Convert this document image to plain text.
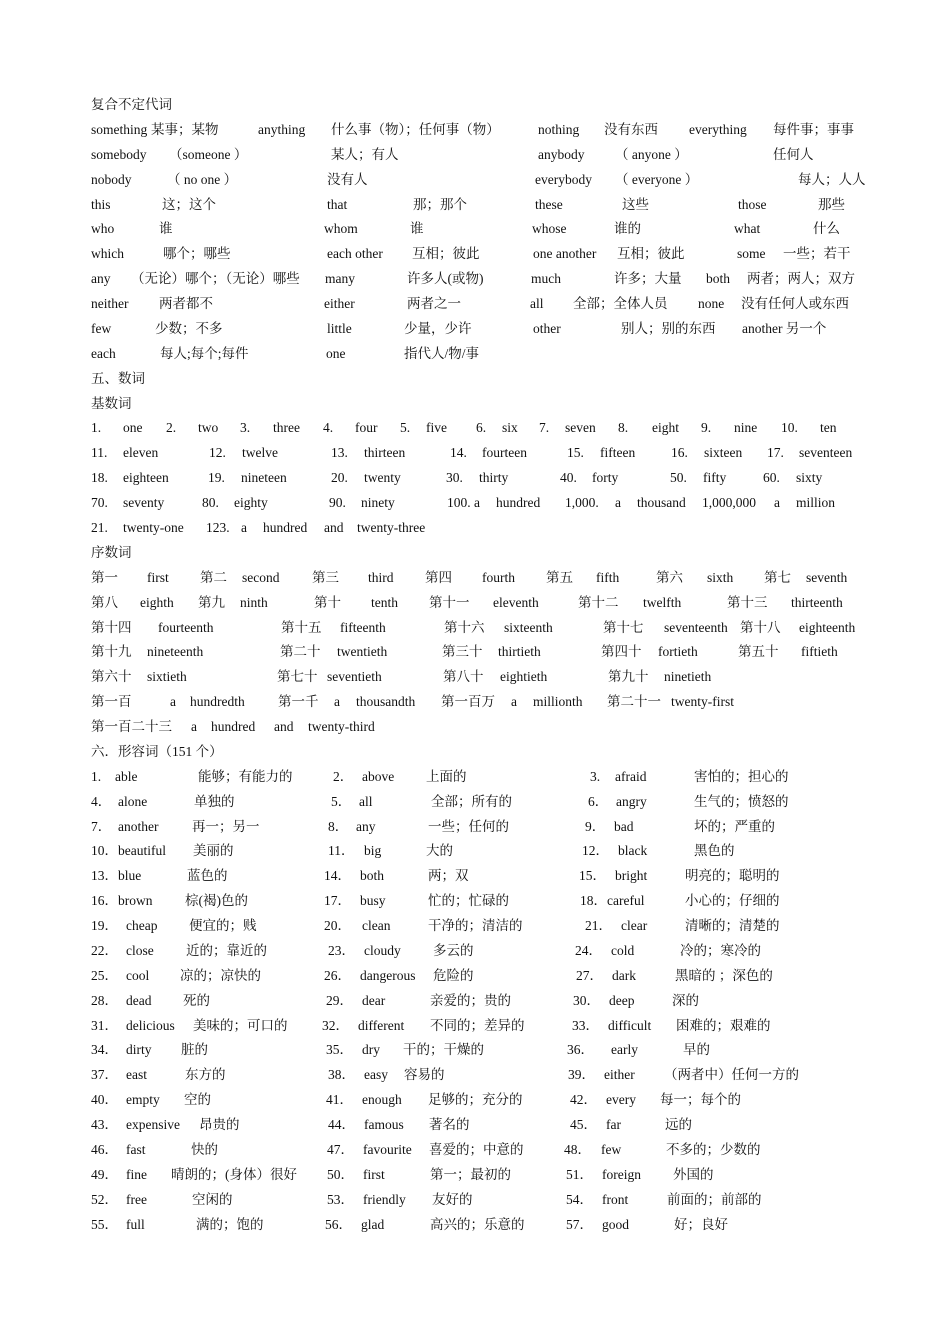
复合不定代词
something 某事；某物	anything 什么事（物）；任何事（物）	nothing 没有东西 everything 每件事；事事
somebody （someone ）	某人；有人	anybody （ anyone ）	任何人
nobody	（ no one ）	没有人	everybody （ everyone ）	每人；人人
this	这；这个	that	那；那个	these	这些	those	那些
who	谁	whom	谁	whose	谁的	what	什么
which	哪个；哪些	each other 互相；彼此	one another 互相；彼此	some 一些；若干
any （无论）哪个；（无论）哪些 many	许多人(或物)	much	许多；大量 both 两者；两人；双方
neither 两者都不	either	两者之一	all 全部；全体人员 none 没有任何人或东西
few	少数；不多	little	少量，少许	other	别人；别的东西 another 另一个
each	每人;每个;每件	one	指代人/物/事
五、数词
基数词
1. one 2. two 3. three 4. four 5. five 6. six 7. seven 8. eight 9. nine 10. ten
11. eleven	12. twelve	13. thirteen	14. fourteen	15. fifteen	16. sixteen 17. seventeen
18. eighteen	19. nineteen	20. twenty	30. thirty	40. forty	50. fifty	60. sixty
70. seventy	80. eighty	90. ninety	100. a hundred 1,000. a thousand 1,000,000 a million
21. twenty-one 123. a hundred and twenty-three
序数词
第一 first 第二 second 第三 third 第四 fourth 第五 fifth	第六 sixth 第七 seventh
第八 eighth 第九 ninth	第十 tenth 第十一 eleventh	第十二 twelfth	第十三 thirteenth
第十四 fourteenth	第十五 fifteenth	第十六 sixteenth	第十七 seventeenth 第十八 eighteenth
第十九 nineteenth	第二十 twentieth	第三十 thirtieth	第四十 fortieth	第五十 fiftieth
第六十 sixtieth	第七十 seventieth	第八十 eightieth	第九十 ninetieth
第一百	a hundredth 第一千 a thousandth 第一百万 a millionth 第二十一 twenty-first
第一百二十三 a hundred and twenty-third
六．形容词（151 个）
1. able	能够；有能力的	2． above 上面的	3. afraid	害怕的；担心的
4． alone	单独的	5． all	全部；所有的	6． angry	生气的；愤怒的
7． another 再一；另一	8． any	一些；任何的	9． bad	坏的；严重的
10．beautiful 美丽的	11． big	大的	12． black	黑色的
13．blue	蓝色的	14． both	两；双	15． bright	明亮的；聪明的
16．brown 棕(褐)色的	17． busy	忙的；忙碌的	18．careful	小心的；仔细的
19． cheap 便宜的；贱	20． clean	干净的；清洁的	21． clear	清晰的；清楚的
22． close 近的；靠近的	23． cloudy 多云的	24． cold	冷的；寒冷的
25． cool 凉的；凉快的	26． dangerous 危险的	27． dark	黑暗的 ；深色的
28． dead 死的	29． dear	亲爱的；贵的	30． deep	深的
31． delicious 美味的；可口的	32． different 不同的；差异的	33． difficult 困难的；艰难的
34． dirty 脏的	35． dry 干的；干燥的	36． early	早的
37． east	东方的	38． easy 容易的	39． either （两者中）任何一方的
40． empty 空的	41． enough 足够的；充分的	42． every 每一；每个的
43． expensive 昂贵的	44． famous 著名的	45． far	远的
46． fast	快的	47． favourite 喜爱的；中意的	48． few	不多的；少数的
49． fine 晴朗的；(身体）很好 50． first	第一；最初的	51． foreign 外国的
52． free	空闲的	53． friendly 友好的	54． front	前面的；前部的
55． full	满的；饱的	56． glad	高兴的；乐意的	57． good	好；良好
